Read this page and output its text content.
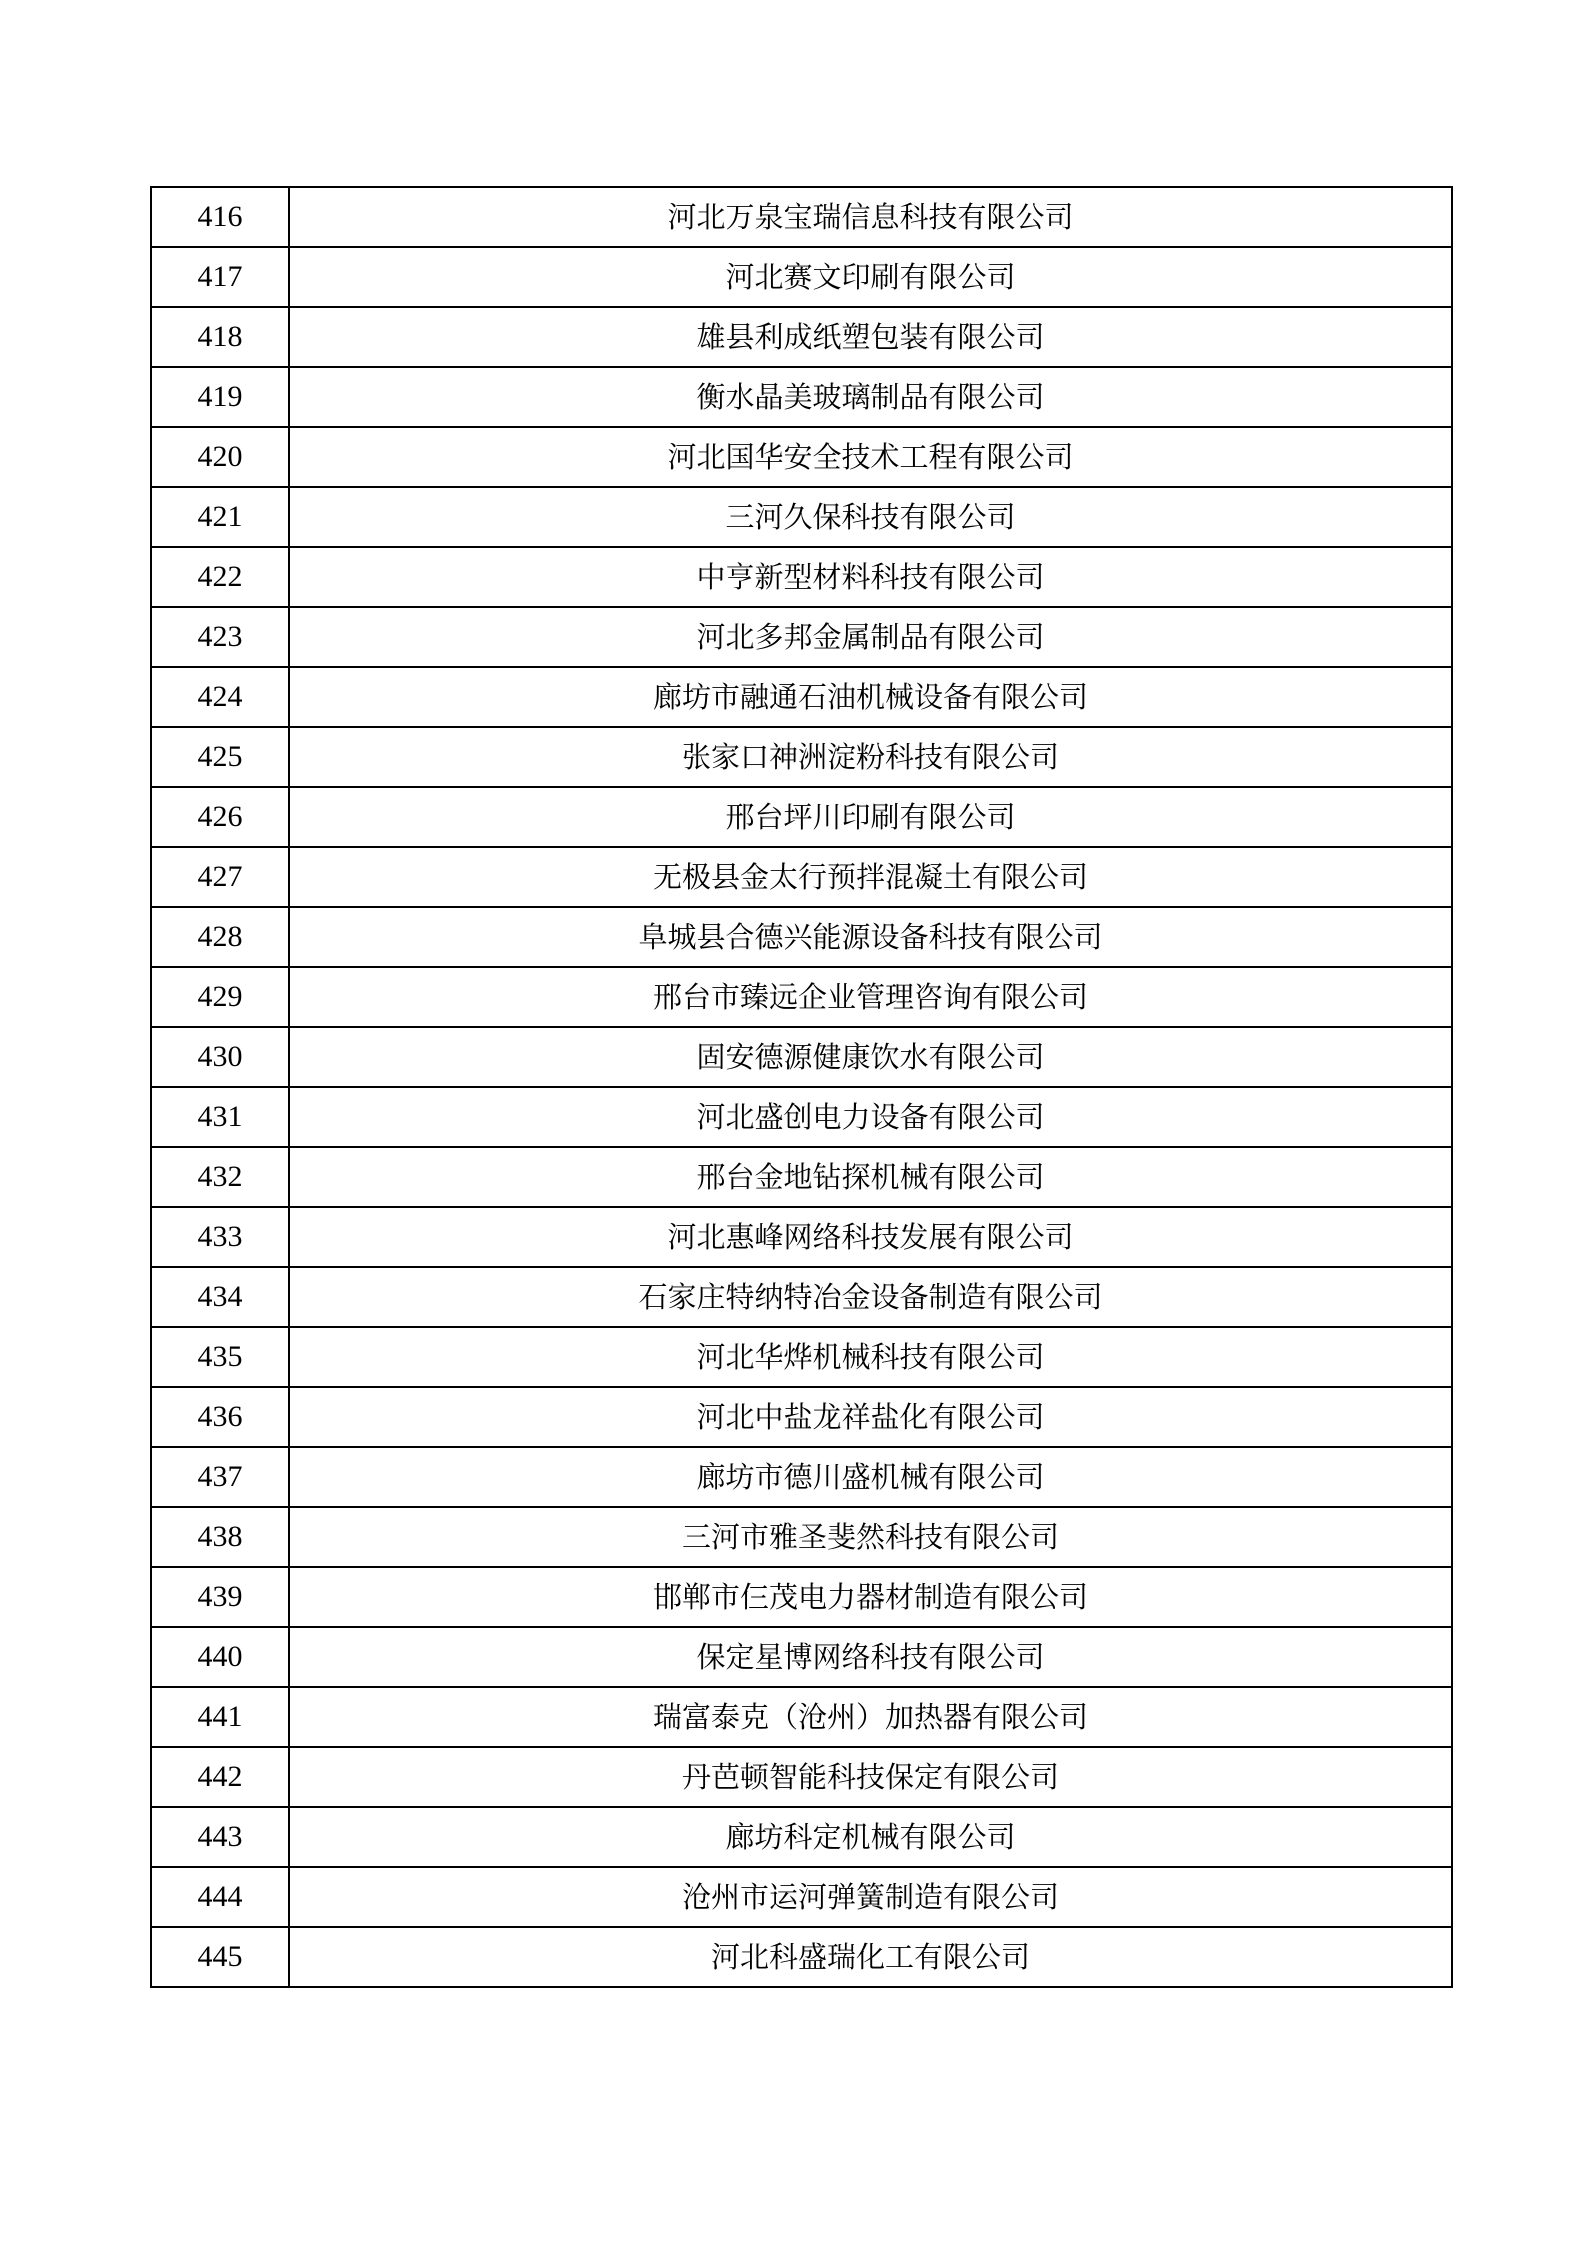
416	河北万泉宝瑞信息科技有限公司
417	河北赛文印刷有限公司
418	雄县利成纸塑包装有限公司
419	衡水晶美玻璃制品有限公司
420	河北国华安全技术工程有限公司
421	三河久保科技有限公司
422	中亨新型材料科技有限公司
423	河北多邦金属制品有限公司
424	廊坊市融通石油机械设备有限公司
425	张家口神洲淀粉科技有限公司
426	邢台坪川印刷有限公司
427	无极县金太行预拌混凝土有限公司
428	阜城县合德兴能源设备科技有限公司
429	邢台市臻远企业管理咨询有限公司
430	固安德源健康饮水有限公司
431	河北盛创电力设备有限公司
432	邢台金地钻探机械有限公司
433	河北惠峰网络科技发展有限公司
434	石家庄特纳特冶金设备制造有限公司
435	河北华烨机械科技有限公司
436	河北中盐龙祥盐化有限公司
437	廊坊市德川盛机械有限公司
438	三河市雅圣斐然科技有限公司
439	邯郸市仨茂电力器材制造有限公司
440	保定星博网络科技有限公司
441	瑞富泰克（沧州）加热器有限公司
442	丹芭顿智能科技保定有限公司
443	廊坊科定机械有限公司
444	沧州市运河弹簧制造有限公司
445	河北科盛瑞化工有限公司
